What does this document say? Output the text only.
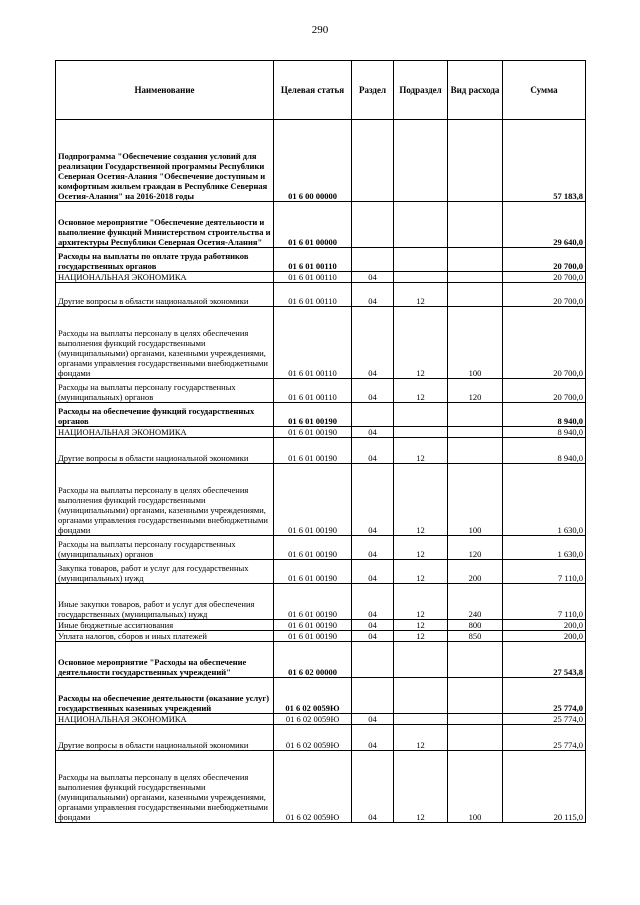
290
Наименование	Целевая статья	Раздел	Подраздел	Вид расхода	Сумма
Подпрограмма "Обеспечение создания условий для реализации Государственной программы Республики Северная Осетия-Алания "Обеспечение доступным и комфортным жильем граждан в Республике Северная Осетия-Алания" на 2016-2018 годы	01 6 00 00000				57 183,8
Основное мероприятие "Обеспечение деятельности и выполнение функций Министерством строительства и архитектуры Республики Северная Осетия-Алания"	01 6 01 00000				29 640,0
Расходы на выплаты по оплате труда работников государственных органов	01 6 01 00110				20 700,0
НАЦИОНАЛЬНАЯ ЭКОНОМИКА	01 6 01 00110	04			20 700,0
Другие вопросы в области национальной экономики	01 6 01 00110	04	12		20 700,0
Расходы на выплаты персоналу в целях обеспечения выполнения функций государственными (муниципальными) органами, казенными учреждениями, органами управления государственными внебюджетными фондами	01 6 01 00110	04	12	100	20 700,0
Расходы на выплаты персоналу государственных (муниципальных) органов	01 6 01 00110	04	12	120	20 700,0
Расходы на обеспечение функций государственных органов	01 6 01 00190				8 940,0
НАЦИОНАЛЬНАЯ ЭКОНОМИКА	01 6 01 00190	04			8 940,0
Другие вопросы в области национальной экономики	01 6 01 00190	04	12		8 940,0
Расходы на выплаты персоналу в целях обеспечения выполнения функций государственными (муниципальными) органами, казенными учреждениями, органами управления государственными внебюджетными фондами	01 6 01 00190	04	12	100	1 630,0
Расходы на выплаты персоналу государственных (муниципальных) органов	01 6 01 00190	04	12	120	1 630,0
Закупка товаров, работ и услуг для государственных (муниципальных) нужд	01 6 01 00190	04	12	200	7 110,0
Иные закупки товаров, работ и услуг для обеспечения государственных (муниципальных) нужд	01 6 01 00190	04	12	240	7 110,0
Иные бюджетные ассигнования	01 6 01 00190	04	12	800	200,0
Уплата налогов, сборов и иных платежей	01 6 01 00190	04	12	850	200,0
Основное мероприятие "Расходы на обеспечение деятельности государственных учреждений"	01 6 02 00000				27 543,8
Расходы на обеспечение деятельности (оказание услуг) государственных казенных учреждений	01 6 02 0059Ю				25 774,0
НАЦИОНАЛЬНАЯ ЭКОНОМИКА	01 6 02 0059Ю	04			25 774,0
Другие вопросы в области национальной экономики	01 6 02 0059Ю	04	12		25 774,0
Расходы на выплаты персоналу в целях обеспечения выполнения функций государственными (муниципальными) органами, казенными учреждениями, органами управления государственными внебюджетными фондами	01 6 02 0059Ю	04	12	100	20 115,0
